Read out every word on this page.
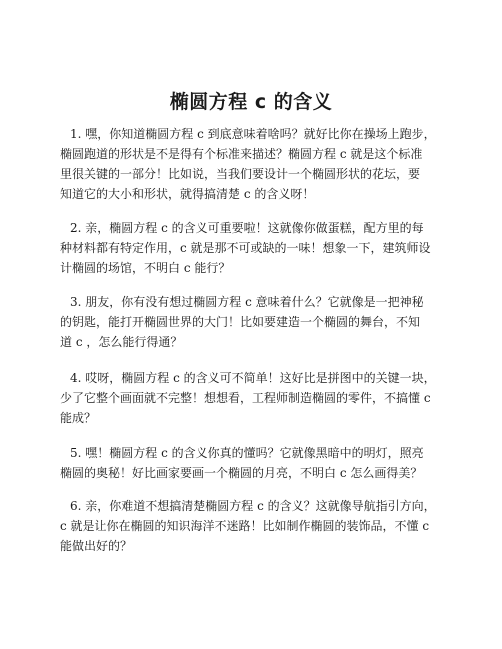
椭圆方程 c 的含义
1. 嘿，你知道椭圆方程 c 到底意味着啥吗？就好比你在操场上跑步，
椭圆跑道的形状是不是得有个标准来描述？椭圆方程 c 就是这个标准
里很关键的一部分！比如说，当我们要设计一个椭圆形状的花坛，要
知道它的大小和形状，就得搞清楚 c 的含义呀！
2. 亲，椭圆方程 c 的含义可重要啦！这就像你做蛋糕，配方里的每
种材料都有特定作用，c 就是那不可或缺的一味！想象一下，建筑师设
计椭圆的场馆，不明白 c 能行？
3. 朋友，你有没有想过椭圆方程 c 意味着什么？它就像是一把神秘
的钥匙，能打开椭圆世界的大门！比如要建造一个椭圆的舞台，不知
道 c ，怎么能行得通？
4. 哎呀，椭圆方程 c 的含义可不简单！这好比是拼图中的关键一块，
少了它整个画面就不完整！想想看，工程师制造椭圆的零件，不搞懂 c
能成？
5. 嘿！椭圆方程 c 的含义你真的懂吗？它就像黑暗中的明灯，照亮
椭圆的奥秘！好比画家要画一个椭圆的月亮，不明白 c 怎么画得美？
6. 亲，你难道不想搞清楚椭圆方程 c 的含义？这就像导航指引方向，
c 就是让你在椭圆的知识海洋不迷路！比如制作椭圆的装饰品，不懂 c
能做出好的？
